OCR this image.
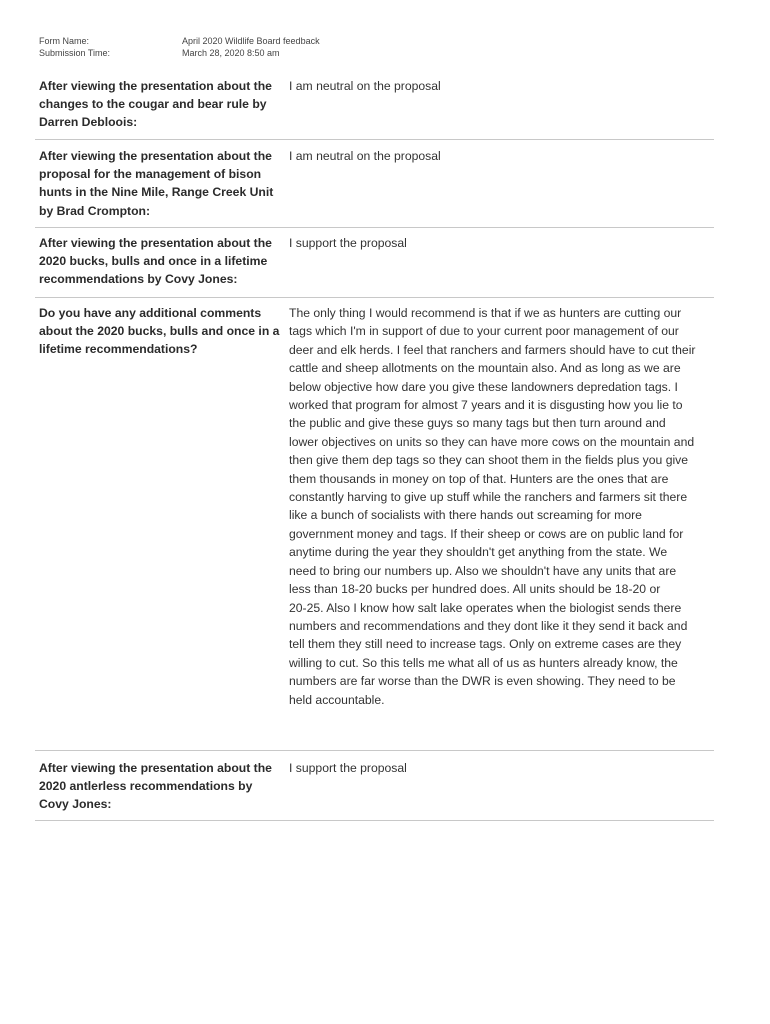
Form Name:	April 2020 Wildlife Board feedback
Submission Time:	March 28, 2020 8:50 am
After viewing the presentation about the changes to the cougar and bear rule by Darren Debloois:
I am neutral on the proposal
After viewing the presentation about the proposal for the management of bison hunts in the Nine Mile, Range Creek Unit by Brad Crompton:
I am neutral on the proposal
After viewing the presentation about the 2020 bucks, bulls and once in a lifetime recommendations by Covy Jones:
I support the proposal
Do you have any additional comments about the 2020 bucks, bulls and once in a lifetime recommendations?
The only thing I would recommend is that if we as hunters are cutting our
tags which I'm in support of due to your current poor management of our
deer and elk herds. I feel that ranchers and farmers should have to cut their
cattle and sheep allotments on the mountain also. And as long as we are
below objective how dare you give these landowners depredation tags. I
worked that program for almost 7 years and it is disgusting how you lie to
the public and give these guys so many tags but then turn around and
lower objectives on units so they can have more cows on the mountain and
then give them dep tags so they can shoot them in the fields plus you give
them thousands in money on top of that. Hunters are the ones that are
constantly harving to give up stuff while the ranchers and farmers sit there
like a bunch of socialists with there hands out screaming for more
government money and tags. If their sheep or cows are on public land for
anytime during the year they shouldn't get anything from the state. We
need to bring our numbers up. Also we shouldn't have any units that are
less than 18-20 bucks per hundred does. All units should be 18-20 or
20-25. Also I know how salt lake operates when the biologist sends there
numbers and recommendations and they dont like it they send it back and
tell them they still need to increase tags. Only on extreme cases are they
willing to cut. So this tells me what all of us as hunters already know, the
numbers are far worse than the DWR is even showing. They need to be
held accountable.
After viewing the presentation about the 2020 antlerless recommendations by Covy Jones:
I support the proposal
